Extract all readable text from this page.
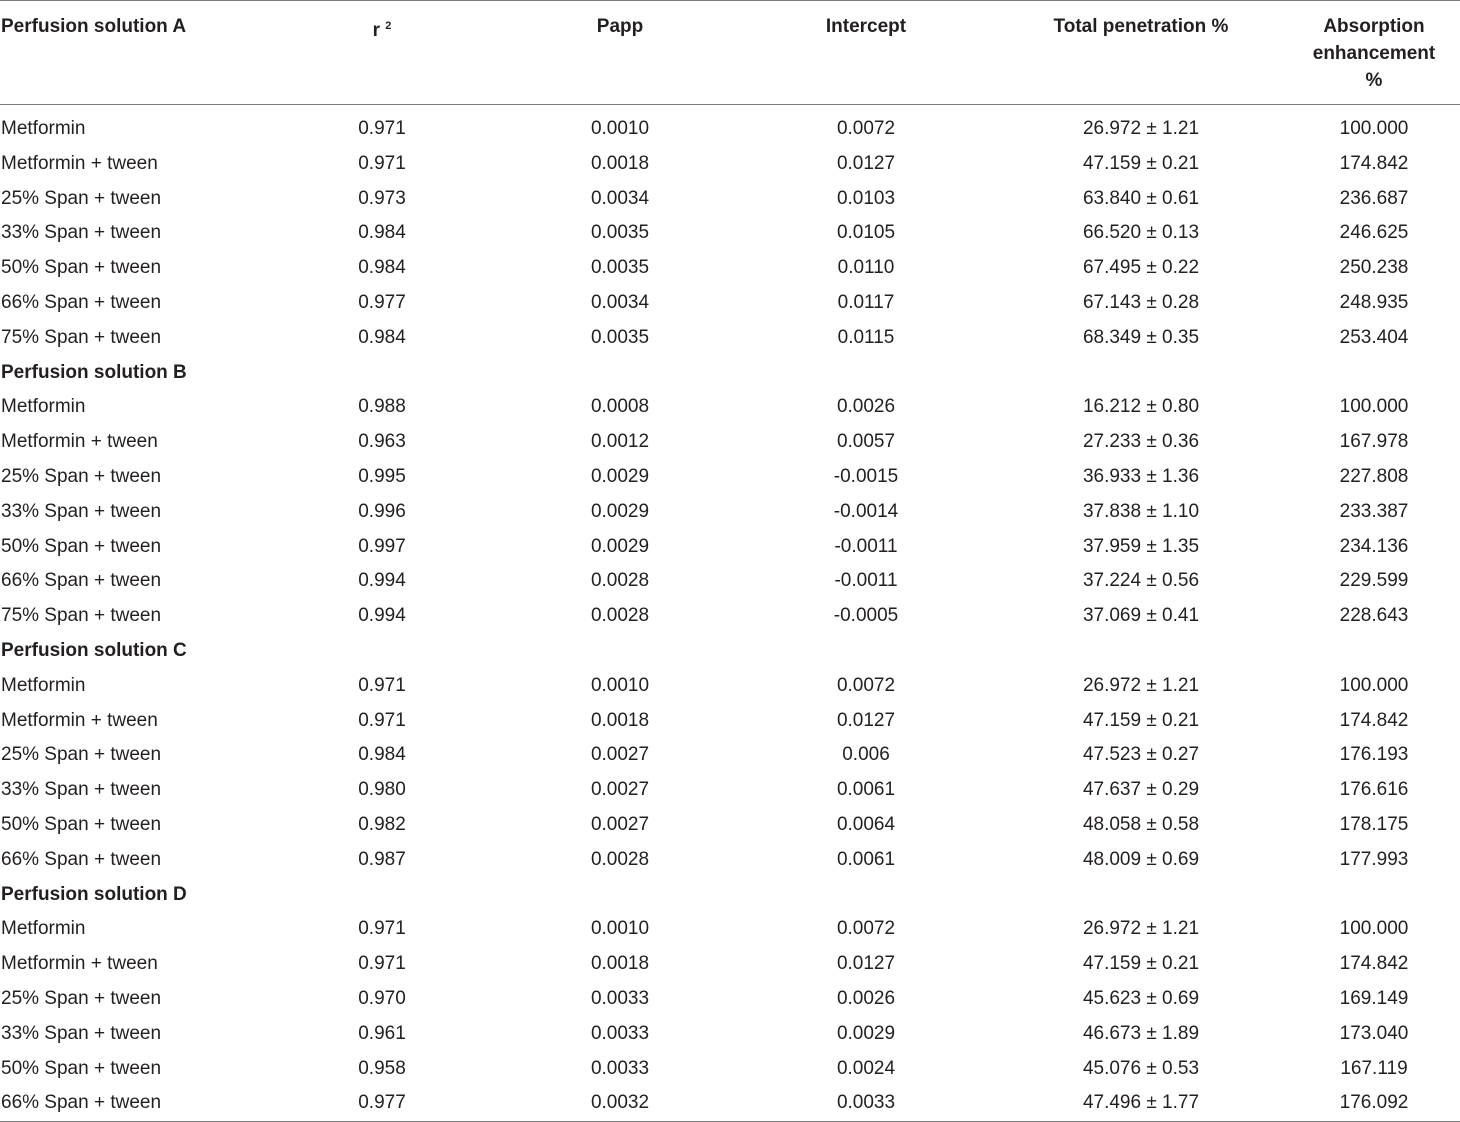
Perfusion solution A	r $^2$	Papp	Intercept	Total penetration %	Absorption
enhancement
%
Metformin	0.971	0.0010	0.0072	26.972 ± 1.21	100.000
Metformin + tween	0.971	0.0018	0.0127	47.159 ± 0.21	174.842
25% Span + tween	0.973	0.0034	0.0103	63.840 ± 0.61	236.687
33% Span + tween	0.984	0.0035	0.0105	66.520 ± 0.13	246.625
50% Span + tween	0.984	0.0035	0.0110	67.495 ± 0.22	250.238
66% Span + tween	0.977	0.0034	0.0117	67.143 ± 0.28	248.935
75% Span + tween	0.984	0.0035	0.0115	68.349 ± 0.35	253.404
Perfusion solution B					
Metformin	0.988	0.0008	0.0026	16.212 ± 0.80	100.000
Metformin + tween	0.963	0.0012	0.0057	27.233 ± 0.36	167.978
25% Span + tween	0.995	0.0029	-0.0015	36.933 ± 1.36	227.808
33% Span + tween	0.996	0.0029	-0.0014	37.838 ± 1.10	233.387
50% Span + tween	0.997	0.0029	-0.0011	37.959 ± 1.35	234.136
66% Span + tween	0.994	0.0028	-0.0011	37.224 ± 0.56	229.599
75% Span + tween	0.994	0.0028	-0.0005	37.069 ± 0.41	228.643
Perfusion solution C					
Metformin	0.971	0.0010	0.0072	26.972 ± 1.21	100.000
Metformin + tween	0.971	0.0018	0.0127	47.159 ± 0.21	174.842
25% Span + tween	0.984	0.0027	0.006	47.523 ± 0.27	176.193
33% Span + tween	0.980	0.0027	0.0061	47.637 ± 0.29	176.616
50% Span + tween	0.982	0.0027	0.0064	48.058 ± 0.58	178.175
66% Span + tween	0.987	0.0028	0.0061	48.009 ± 0.69	177.993
Perfusion solution D					
Metformin	0.971	0.0010	0.0072	26.972 ± 1.21	100.000
Metformin + tween	0.971	0.0018	0.0127	47.159 ± 0.21	174.842
25% Span + tween	0.970	0.0033	0.0026	45.623 ± 0.69	169.149
33% Span + tween	0.961	0.0033	0.0029	46.673 ± 1.89	173.040
50% Span + tween	0.958	0.0033	0.0024	45.076 ± 0.53	167.119
66% Span + tween	0.977	0.0032	0.0033	47.496 ± 1.77	176.092
